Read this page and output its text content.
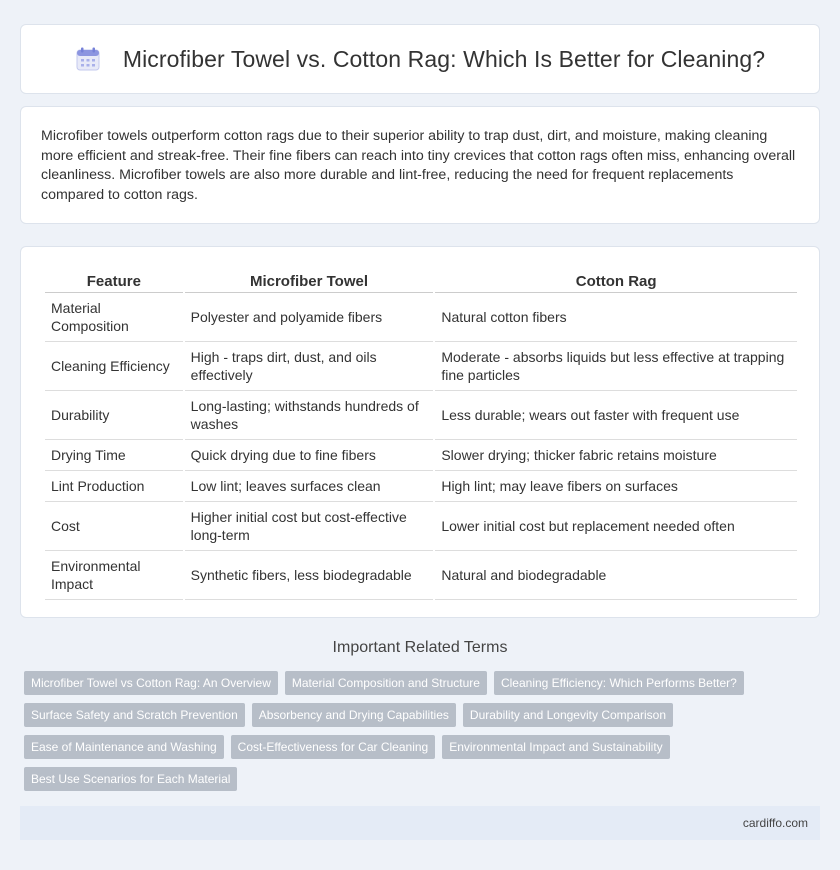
Microfiber Towel vs. Cotton Rag: Which Is Better for Cleaning?

Microfiber towels outperform cotton rags due to their superior ability to trap dust, dirt, and moisture, making cleaning more efficient and streak-free. Their fine fibers can reach into tiny crevices that cotton rags often miss, enhancing overall cleanliness. Microfiber towels are also more durable and lint-free, reducing the need for frequent replacements compared to cotton rags.

Feature	Microfiber Towel	Cotton Rag
Material Composition	Polyester and polyamide fibers	Natural cotton fibers
Cleaning Efficiency	High - traps dirt, dust, and oils effectively	Moderate - absorbs liquids but less effective at trapping fine particles
Durability	Long-lasting; withstands hundreds of washes	Less durable; wears out faster with frequent use
Drying Time	Quick drying due to fine fibers	Slower drying; thicker fabric retains moisture
Lint Production	Low lint; leaves surfaces clean	High lint; may leave fibers on surfaces
Cost	Higher initial cost but cost-effective long-term	Lower initial cost but replacement needed often
Environmental Impact	Synthetic fibers, less biodegradable	Natural and biodegradable
Important Related Terms
Microfiber Towel vs Cotton Rag: An Overview	Material Composition and Structure	Cleaning Efficiency: Which Performs Better?
Surface Safety and Scratch Prevention	Absorbency and Drying Capabilities	Durability and Longevity Comparison
Ease of Maintenance and Washing	Cost-Effectiveness for Car Cleaning	Environmental Impact and Sustainability
Best Use Scenarios for Each Material
cardiffo.com
